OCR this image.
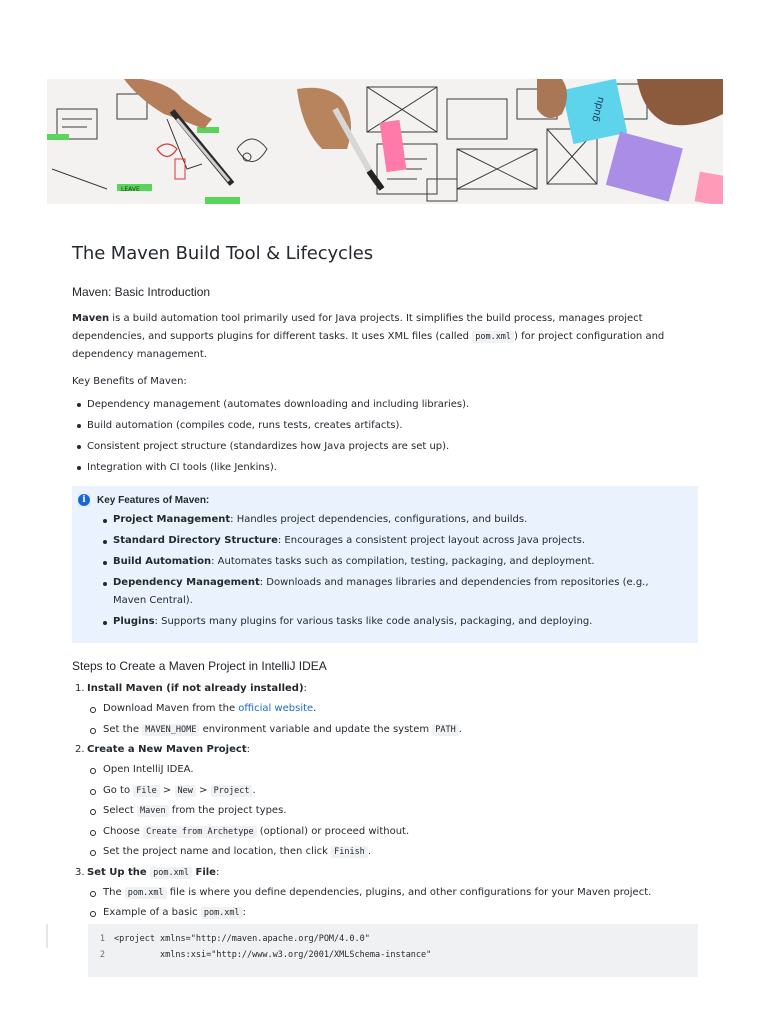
LEAVE
gudu
The Maven Build Tool & Lifecycles
Maven: Basic Introduction

Maven is a build automation tool primarily used for Java projects. It simplifies the build process, manages project dependencies, and supports plugins for different tasks. It uses XML files (called pom.xml ) for project configuration and dependency management.

Key Benefits of Maven:

Dependency management (automates downloading and including libraries).
Build automation (compiles code, runs tests, creates artifacts).
Consistent project structure (standardizes how Java projects are set up).
Integration with CI tools (like Jenkins).
i	Key Features of Maven:
Project Management: Handles project dependencies, configurations, and builds.
Standard Directory Structure: Encourages a consistent project layout across Java projects.
Build Automation: Automates tasks such as compilation, testing, packaging, and deployment.
Dependency Management: Downloads and manages libraries and dependencies from repositories (e.g., Maven Central).
Plugins: Supports many plugins for various tasks like code analysis, packaging, and deploying.
Steps to Create a Maven Project in IntelliJ IDEA
1. Install Maven (if not already installed):
Download Maven from the official website.
Set the MAVEN_HOME environment variable and update the system PATH .
2. Create a New Maven Project:
Open IntelliJ IDEA.
Go to File > New > Project .
Select Maven from the project types.
Choose Create from Archetype (optional) or proceed without.
Set the project name and location, then click Finish .
3. Set Up the pom.xml File:
The pom.xml file is where you define dependencies, plugins, and other configurations for your Maven project.
Example of a basic pom.xml :
1 <project xmlns="http://maven.apache.org/POM/4.0.0"
2 xmlns:xsi="http://www.w3.org/2001/XMLSchema-instance"
